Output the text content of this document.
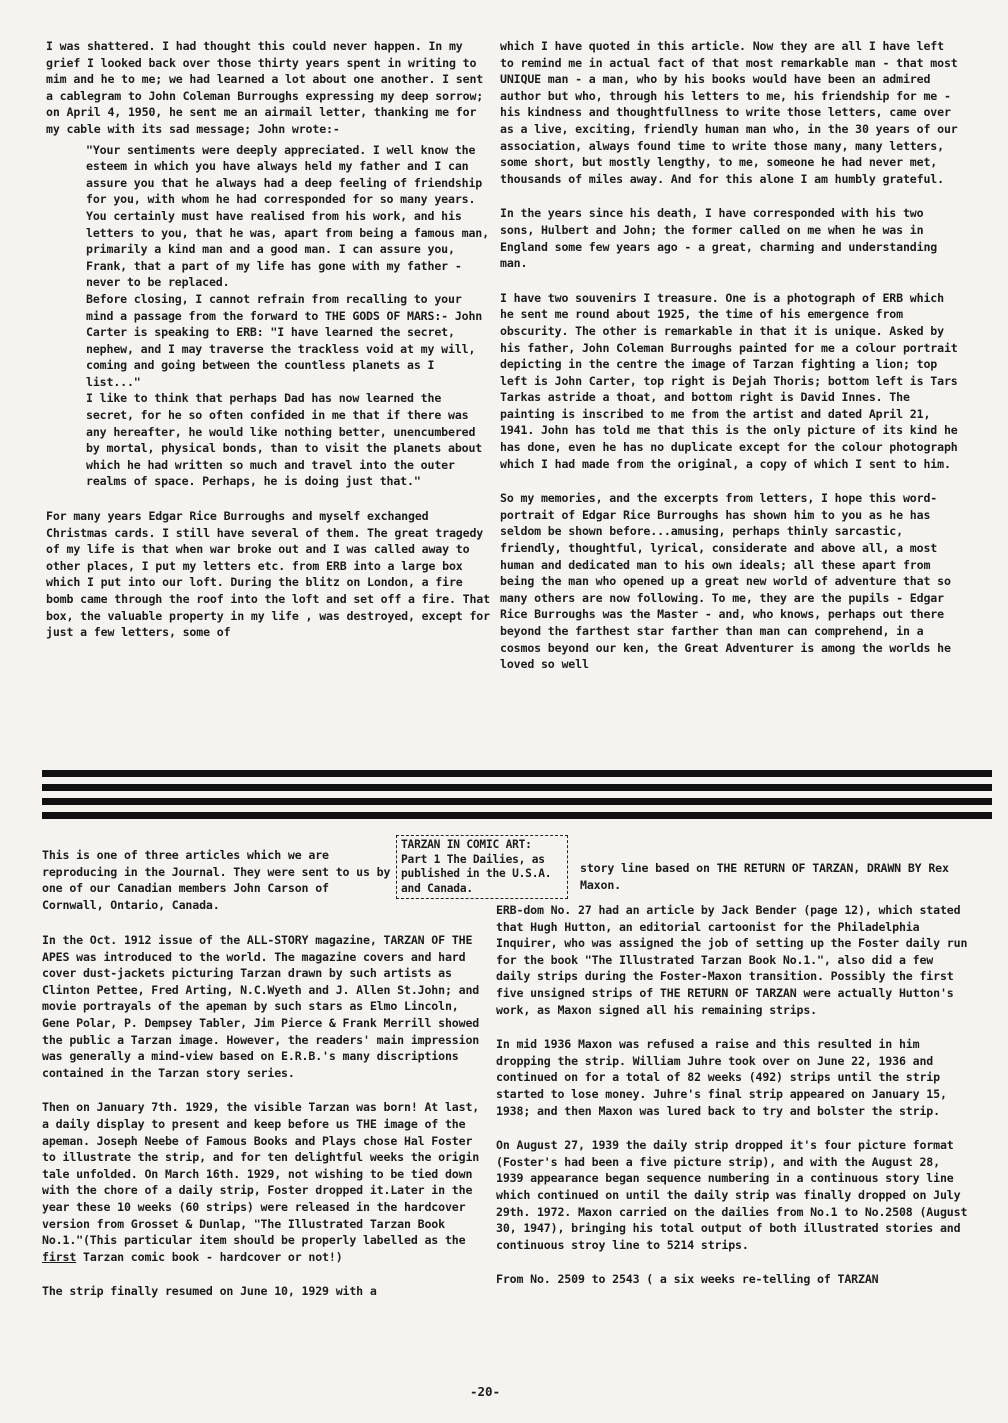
I was shattered. I had thought this could never happen. In my grief I looked back over those thirty years spent in writing to mim and he to me; we had learned a lot about one another. I sent a cablegram to John Coleman Burroughs expressing my deep sorrow; on April 4, 1950, he sent me an airmail letter, thanking me for my cable with its sad message; John wrote:-

"Your sentiments were deeply appreciated. I well know the esteem in which you have always held my father and I can assure you that he always had a deep feeling of friendship for you, with whom he had corresponded for so many years. You certainly must have realised from his work, and his letters to you, that he was, apart from being a famous man, primarily a kind man and a good man. I can assure you, Frank, that a part of my life has gone with my father - never to be replaced.

Before closing, I cannot refrain from recalling to your mind a passage from the forward to THE GODS OF MARS:- John Carter is speaking to ERB: "I have learned the secret, nephew, and I may traverse the trackless void at my will, coming and going between the countless planets as I list..."

I like to think that perhaps Dad has now learned the secret, for he so often confided in me that if there was any hereafter, he would like nothing better, unencumbered by mortal, physical bonds, than to visit the planets about which he had written so much and travel into the outer realms of space. Perhaps, he is doing just that."

For many years Edgar Rice Burroughs and myself exchanged Christmas cards. I still have several of them. The great tragedy of my life is that when war broke out and I was called away to other places, I put my letters etc. from ERB into a large box which I put into our loft. During the blitz on London, a fire bomb came through the roof into the loft and set off a fire. That box, the valuable property in my life , was destroyed, except for just a few letters, some of

which I have quoted in this article. Now they are all I have left to remind me in actual fact of that most remarkable man - that most UNIQUE man - a man, who by his books would have been an admired author but who, through his letters to me, his friendship for me - his kindness and thoughtfullness to write those letters, came over as a live, exciting, friendly human man who, in the 30 years of our association, always found time to write those many, many letters, some short, but mostly lengthy, to me, someone he had never met, thousands of miles away. And for this alone I am humbly grateful.

In the years since his death, I have corresponded with his two sons, Hulbert and John; the former called on me when he was in England some few years ago - a great, charming and understanding man.

I have two souvenirs I treasure. One is a photograph of ERB which he sent me round about 1925, the time of his emergence from obscurity. The other is remarkable in that it is unique. Asked by his father, John Coleman Burroughs painted for me a colour portrait depicting in the centre the image of Tarzan fighting a lion; top left is John Carter, top right is Dejah Thoris; bottom left is Tars Tarkas astride a thoat, and bottom right is David Innes. The painting is inscribed to me from the artist and dated April 21, 1941. John has told me that this is the only picture of its kind he has done, even he has no duplicate except for the colour photograph which I had made from the original, a copy of which I sent to him.

So my memories, and the excerpts from letters, I hope this word-portrait of Edgar Rice Burroughs has shown him to you as he has seldom be shown before...amusing, perhaps thinly sarcastic, friendly, thoughtful, lyrical, considerate and above all, a most human and dedicated man to his own ideals; all these apart from being the man who opened up a great new world of adventure that so many others are now following. To me, they are the pupils - Edgar Rice Burroughs was the Master - and, who knows, perhaps out there beyond the farthest star farther than man can comprehend, in a cosmos beyond our ken, the Great Adventurer is among the worlds he loved so well

This is one of three articles which we are reproducing in the Journal. They were sent to us by one of our Canadian members John Carson of Cornwall, Ontario, Canada.

TARZAN IN COMIC ART: Part 1 The Dailies, as published in the U.S.A. and Canada.

In the Oct. 1912 issue of the ALL-STORY magazine, TARZAN OF THE APES was introduced to the world. The magazine covers and hard cover dust-jackets picturing Tarzan drawn by such artists as Clinton Pettee, Fred Arting, N.C.Wyeth and J. Allen St.John; and movie portrayals of the apeman by such stars as Elmo Lincoln, Gene Polar, P. Dempsey Tabler, Jim Pierce & Frank Merrill showed the public a Tarzan image. However, the readers' main impression was generally a mind-view based on E.R.B.'s many discriptions contained in the Tarzan story series.

Then on January 7th. 1929, the visible Tarzan was born! At last, a daily display to present and keep before us THE image of the apeman. Joseph Neebe of Famous Books and Plays chose Hal Foster to illustrate the strip, and for ten delightful weeks the origin tale unfolded. On March 16th. 1929, not wishing to be tied down with the chore of a daily strip, Foster dropped it.Later in the year these 10 weeks (60 strips) were released in the hardcover version from Grosset & Dunlap, "The Illustrated Tarzan Book No.1."(This particular item should be properly labelled as the first Tarzan comic book - hardcover or not!)

The strip finally resumed on June 10, 1929 with a

story line based on THE RETURN OF TARZAN, DRAWN BY Rex Maxon.

ERB-dom No. 27 had an article by Jack Bender (page 12), which stated that Hugh Hutton, an editorial cartoonist for the Philadelphia Inquirer, who was assigned the job of setting up the Foster daily run for the book "The Illustrated Tarzan Book No.1.", also did a few daily strips during the Foster-Maxon transition. Possibly the first five unsigned strips of THE RETURN OF TARZAN were actually Hutton's work, as Maxon signed all his remaining strips.

In mid 1936 Maxon was refused a raise and this resulted in him dropping the strip. William Juhre took over on June 22, 1936 and continued on for a total of 82 weeks (492) strips until the strip started to lose money. Juhre's final strip appeared on January 15, 1938; and then Maxon was lured back to try and bolster the strip.

On August 27, 1939 the daily strip dropped it's four picture format (Foster's had been a five picture strip), and with the August 28, 1939 appearance began sequence numbering in a continuous story line which continued on until the daily strip was finally dropped on July 29th. 1972. Maxon carried on the dailies from No.1 to No.2508 (August 30, 1947), bringing his total output of both illustrated stories and continuous stroy line to 5214 strips.

From No. 2509 to 2543 ( a six weeks re-telling of TARZAN

-20-
